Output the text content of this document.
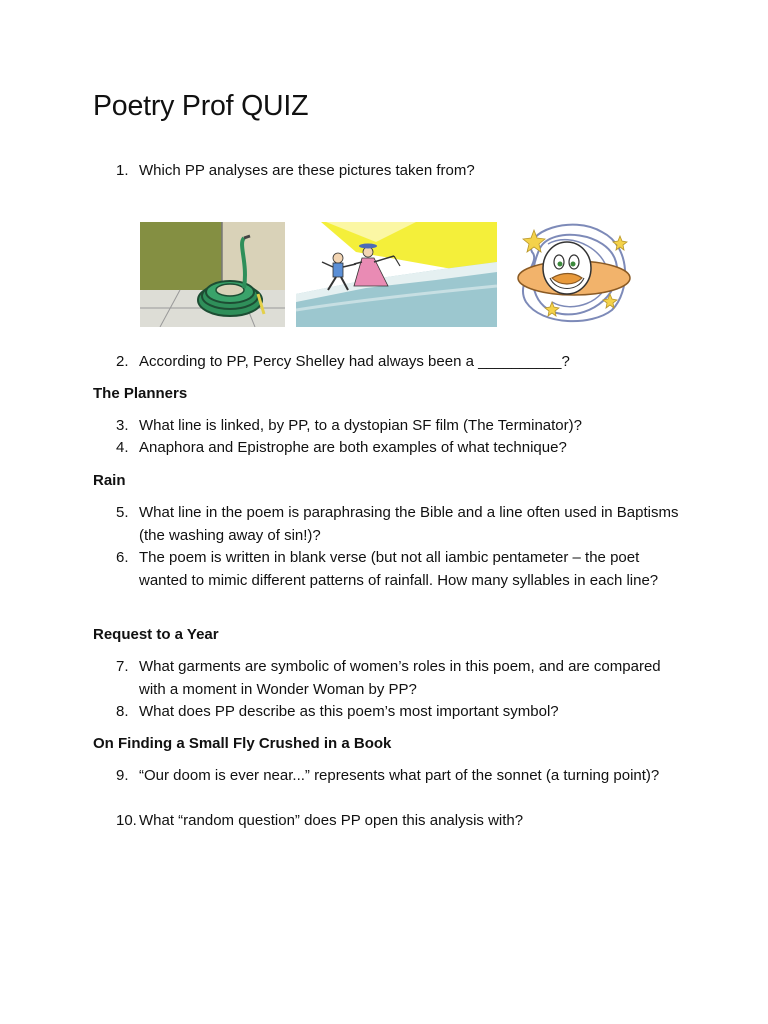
Poetry Prof QUIZ
1. Which PP analyses are these pictures taken from?
2. According to PP, Percy Shelley had always been a __________?
The Planners
3. What line is linked, by PP, to a dystopian SF film (The Terminator)?
4. Anaphora and Epistrophe are both examples of what technique?
Rain
5. What line in the poem is paraphrasing the Bible and a line often used in Baptisms (the washing away of sin!)?
6. The poem is written in blank verse (but not all iambic pentameter – the poet wanted to mimic different patterns of rainfall. How many syllables in each line?
Request to a Year
7. What garments are symbolic of women’s roles in this poem, and are compared with a moment in Wonder Woman by PP?
8. What does PP describe as this poem’s most important symbol?
On Finding a Small Fly Crushed in a Book
9. “Our doom is ever near...” represents what part of the sonnet (a turning point)?
10. What “random question” does PP open this analysis with?
